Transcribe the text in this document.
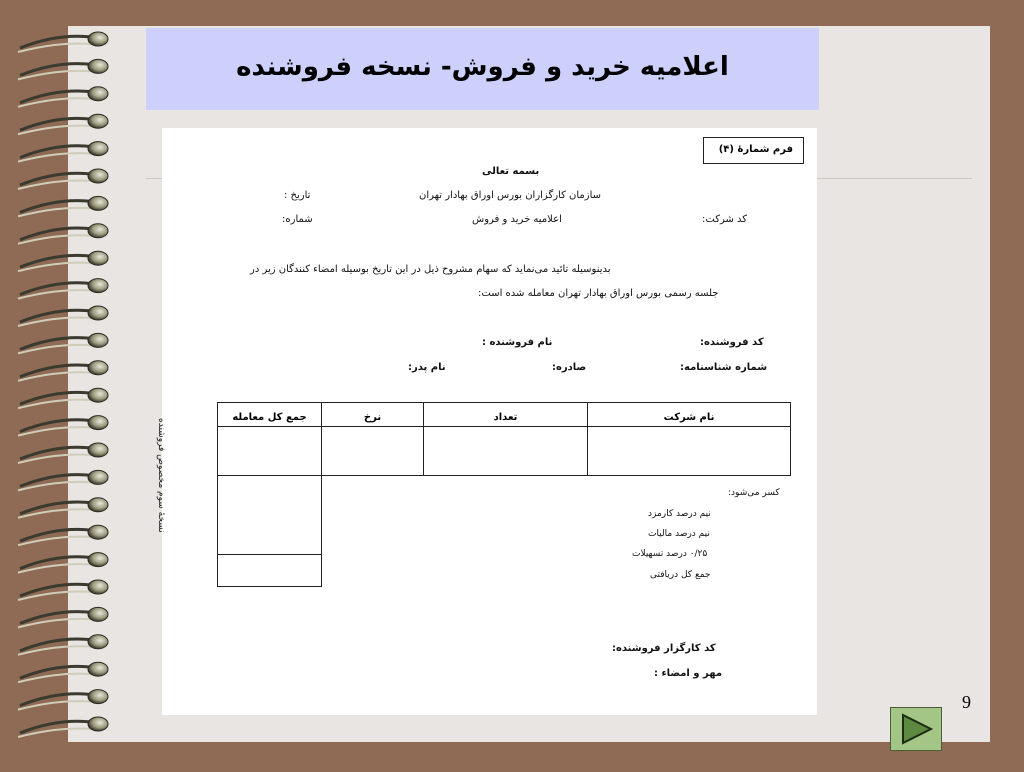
اعلامیه خرید و فروش- نسخه فروشنده
فرم شمارهٔ (۴)
بسمه تعالی
سازمان کارگزاران بورس اوراق بهادار تهران
تاریخ :
اعلامیه خرید و فروش
شماره:	کد شرکت:
بدینوسیله تائید می‌نماید که سهام مشروح ذیل در این تاریخ بوسیله امضاء کنندگان زیر در
جلسه رسمی بورس اوراق بهادار تهران معامله شده است:
کد فروشنده:
نام فروشنده :
شماره شناسنامه:
صادره:
نام پدر:
نسخهٔ سوم مخصوص فروشنده
نام شرکت
تعداد
نرخ
جمع کل معامله
کسر می‌شود:
نیم درصد کارمزد
نیم درصد مالیات
۰/۲۵ درصد تسهیلات
جمع کل دریافتی
کد کارگزار فروشنده:
مهر و امضاء :
9
